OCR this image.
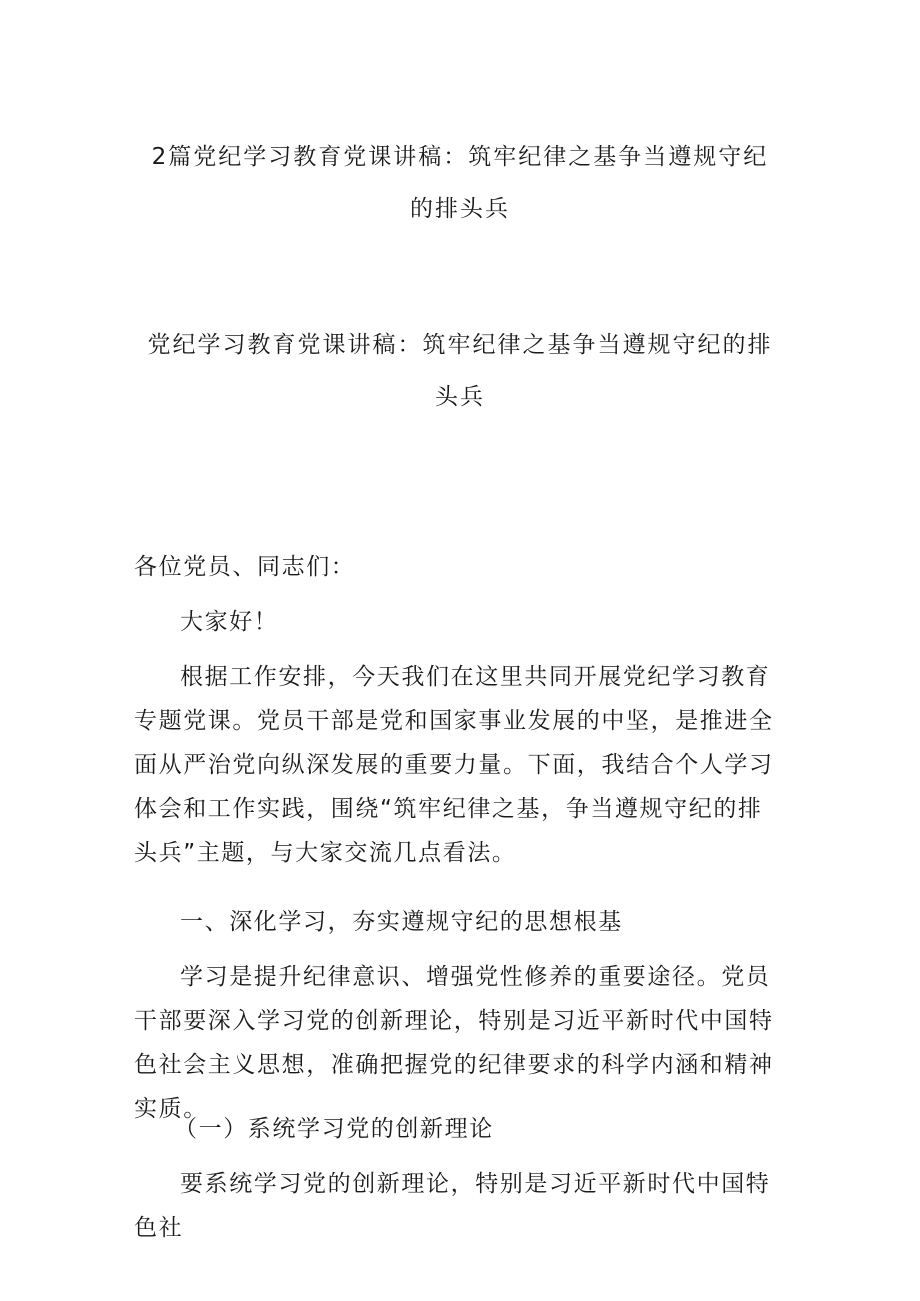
2篇党纪学习教育党课讲稿：筑牢纪律之基争当遵规守纪
的排头兵
党纪学习教育党课讲稿：筑牢纪律之基争当遵规守纪的排
头兵

各位党员、同志们：

大家好！

根据工作安排，今天我们在这里共同开展党纪学习教育专题党课。党员干部是党和国家事业发展的中坚，是推进全面从严治党向纵深发展的重要力量。下面，我结合个人学习体会和工作实践，围绕“筑牢纪律之基，争当遵规守纪的排头兵”主题，与大家交流几点看法。

一、深化学习，夯实遵规守纪的思想根基

学习是提升纪律意识、增强党性修养的重要途径。党员干部要深入学习党的创新理论，特别是习近平新时代中国特色社会主义思想，准确把握党的纪律要求的科学内涵和精神实质。

（一）系统学习党的创新理论

要系统学习党的创新理论，特别是习近平新时代中国特色社
